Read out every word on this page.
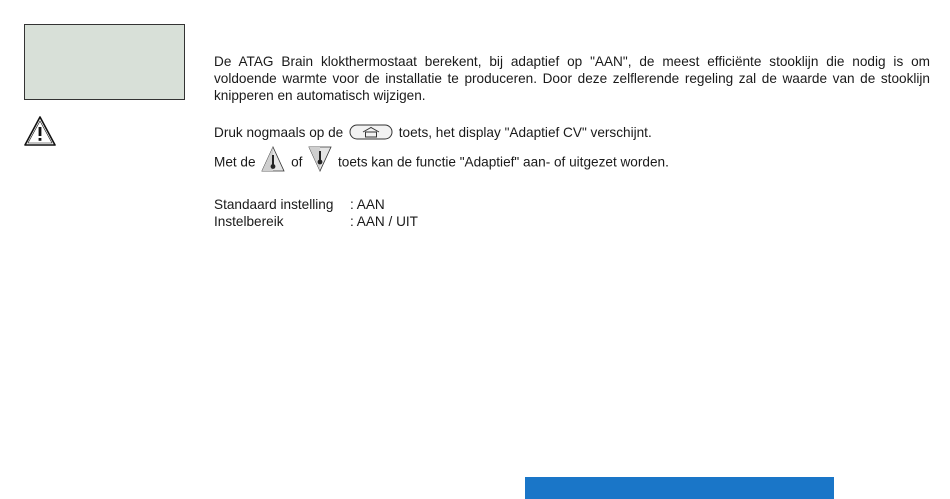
De ATAG Brain klokthermostaat berekent, bij adaptief op "AAN", de meest efficiënte stooklijn die nodig is om voldoende warmte voor de installatie te produceren. Door deze zelflerende regeling zal de waarde van de stooklijn knipperen en automatisch wijzigen.

Druk nogmaals op de	toets, het display "Adaptief CV" verschijnt.

Met de	of	toets kan de functie "Adaptief" aan- of uitgezet worden.

Standaard instelling	: AAN
Instelbereik	: AAN / UIT
